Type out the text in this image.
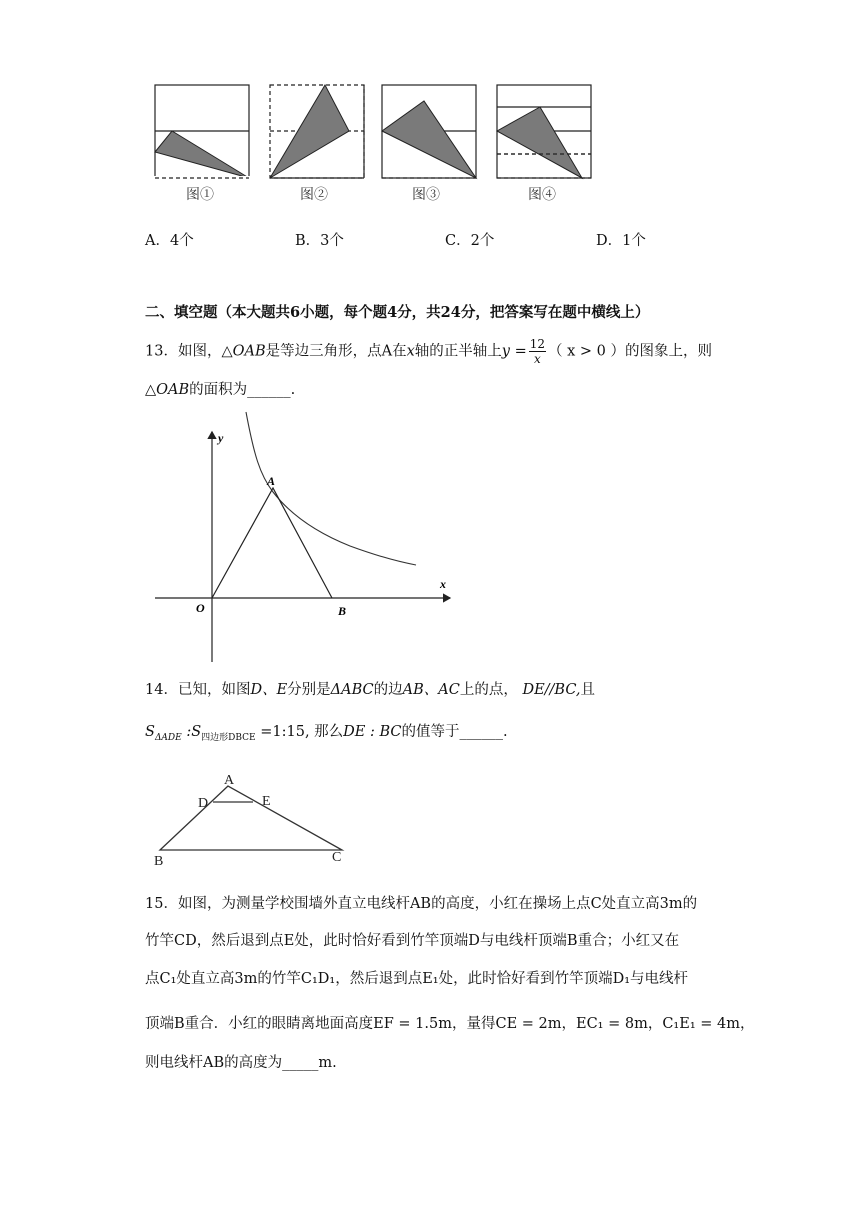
图①	图②	图③	图④
A．4个	B．3个	C．2个	D．1个
二、填空题（本大题共6小题，每个题4分，共24分，把答案写在题中横线上）
13．如图，△OAB是等边三角形，点A在x轴的正半轴上$y = \frac{12}{x}$ （ x > 0 ）的图象上，则
△OAB的面积为______.
y
x
O
A
B
14．已知，如图D、E分别是ΔABC的边AB、AC上的点， DE//BC,且
$S_{\Delta ADE}$ $:S_{四边形DBCE}$ =1:15, 那么DE : BC的值等于______.
A
D	E
B	C
15．如图，为测量学校围墙外直立电线杆AB的高度，小红在操场上点C处直立高3m的
竹竿CD，然后退到点E处，此时恰好看到竹竿顶端D与电线杆顶端B重合；小红又在
点C₁处直立高3m的竹竿C₁D₁，然后退到点E₁处，此时恰好看到竹竿顶端D₁与电线杆
顶端B重合．小红的眼睛离地面高度EF = 1.5m，量得CE = 2m，EC₁ = 8m，C₁E₁ = 4m，
则电线杆AB的高度为_____m.
